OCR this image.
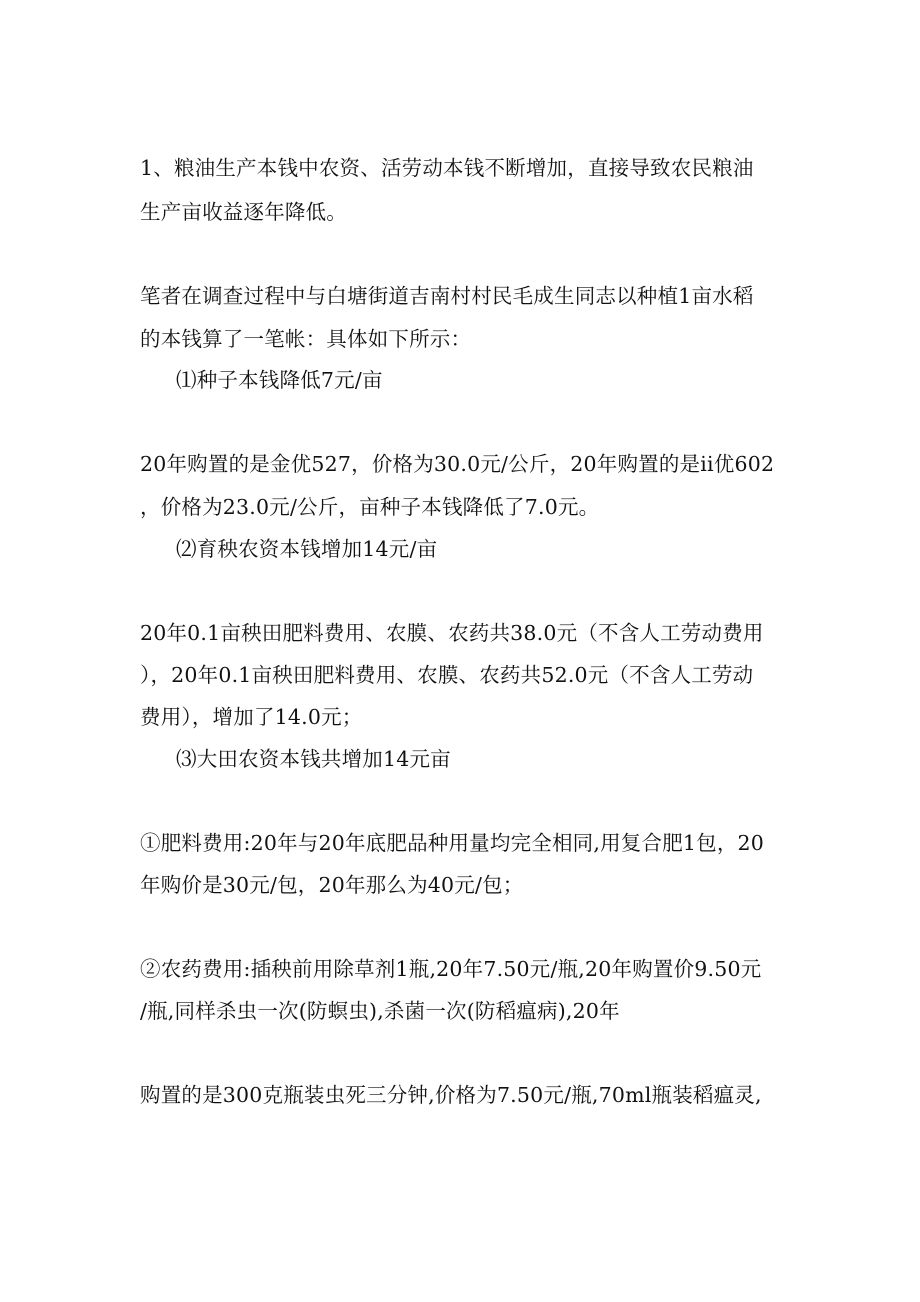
1、粮油生产本钱中农资、活劳动本钱不断增加，直接导致农民粮油
生产亩收益逐年降低。
笔者在调查过程中与白塘街道吉南村村民毛成生同志以种植1亩水稻
的本钱算了一笔帐：具体如下所示：
⑴种子本钱降低7元/亩
20年购置的是金优527，价格为30.0元/公斤，20年购置的是ii优602
，价格为23.0元/公斤，亩种子本钱降低了7.0元。
⑵育秧农资本钱增加14元/亩
20年0.1亩秧田肥料费用、农膜、农药共38.0元（不含人工劳动费用
），20年0.1亩秧田肥料费用、农膜、农药共52.0元（不含人工劳动
费用），增加了14.0元；
⑶大田农资本钱共增加14元亩
①肥料费用:20年与20年底肥品种用量均完全相同,用复合肥1包，20
年购价是30元/包，20年那么为40元/包；
②农药费用:插秧前用除草剂1瓶,20年7.50元/瓶,20年购置价9.50元
/瓶,同样杀虫一次(防螟虫),杀菌一次(防稻瘟病),20年
购置的是300克瓶装虫死三分钟,价格为7.50元/瓶,70ml瓶装稻瘟灵,
